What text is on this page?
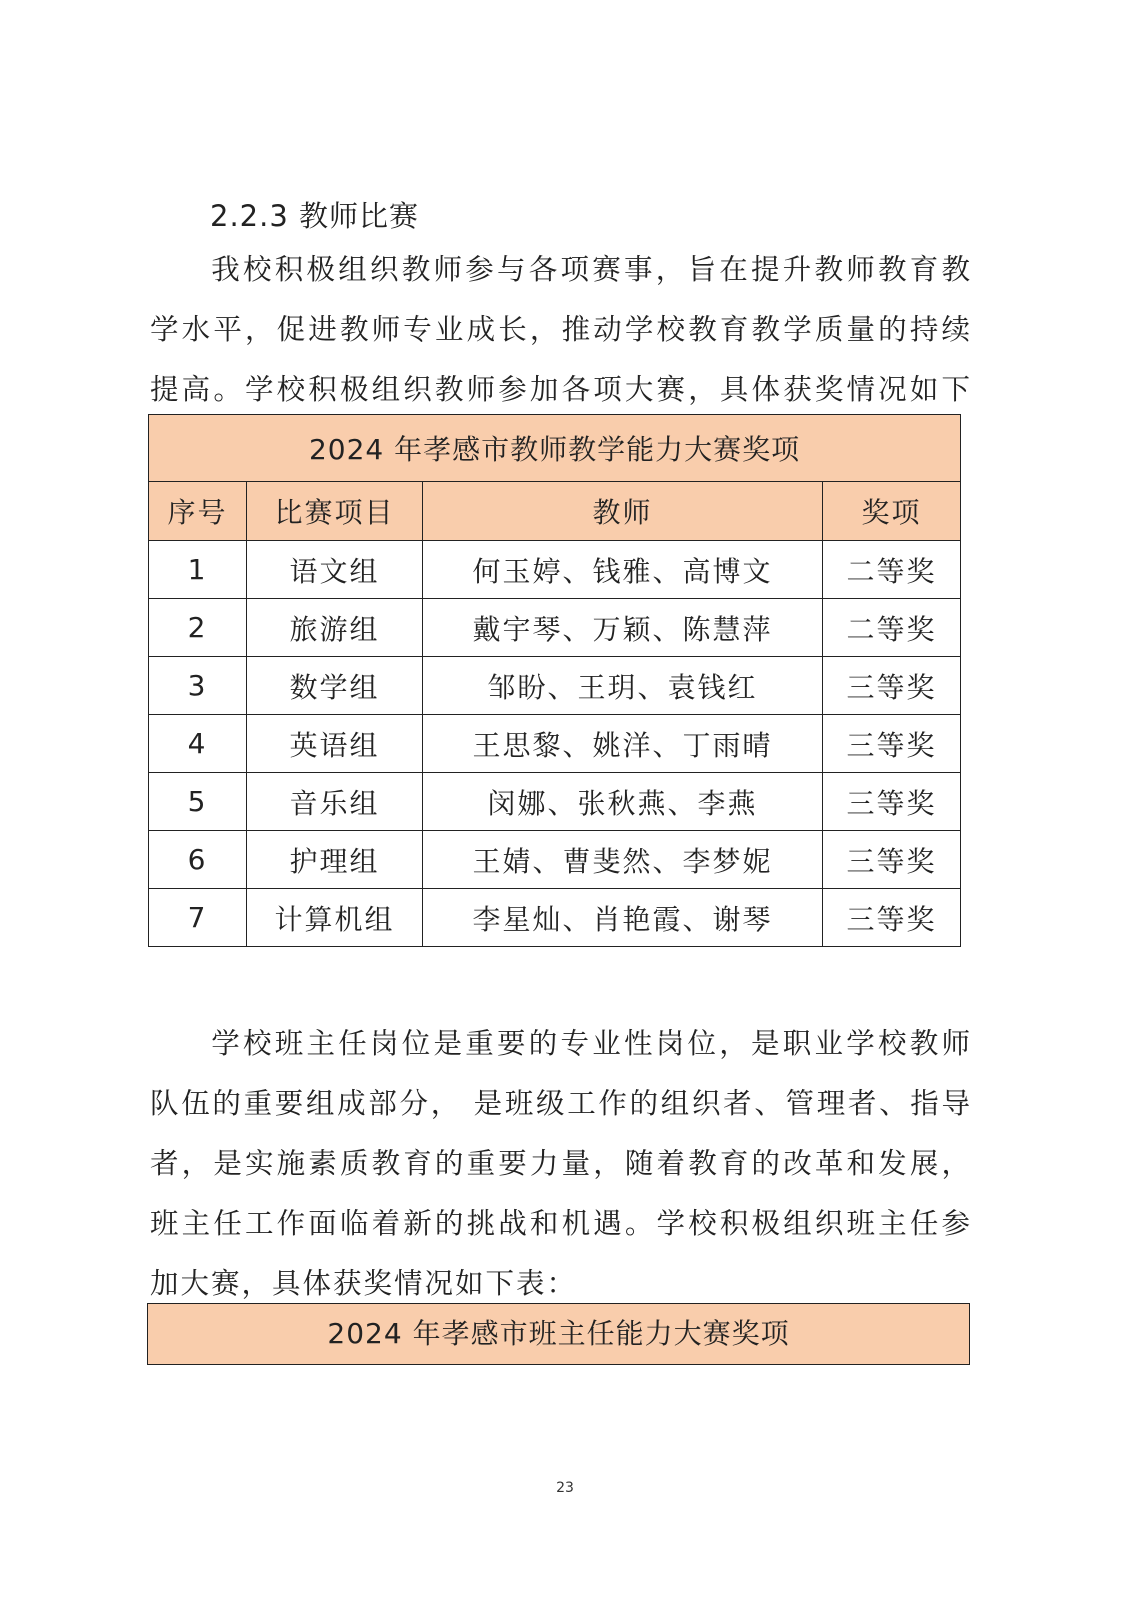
2.2.3 教师比赛

我校积极组织教师参与各项赛事，旨在提升教师教育教学水平，促进教师专业成长，推动学校教育教学质量的持续提高。学校积极组织教师参加各项大赛，具体获奖情况如下

2024 年孝感市教师教学能力大赛奖项			
序号	比赛项目	教师	奖项
1	语文组	何玉婷、钱雅、高博文	二等奖
2	旅游组	戴宇琴、万颖、陈慧萍	二等奖
3	数学组	邹盼、王玥、袁钱红	三等奖
4	英语组	王思黎、姚洋、丁雨晴	三等奖
5	音乐组	闵娜、张秋燕、李燕	三等奖
6	护理组	王婧、曹斐然、李梦妮	三等奖
7	计算机组	李星灿、肖艳霞、谢琴	三等奖

学校班主任岗位是重要的专业性岗位，是职业学校教师队伍的重要组成部分， 是班级工作的组织者、管理者、指导者，是实施素质教育的重要力量，随着教育的改革和发展，班主任工作面临着新的挑战和机遇。学校积极组织班主任参加大赛，具体获奖情况如下表：

2024 年孝感市班主任能力大赛奖项
23
